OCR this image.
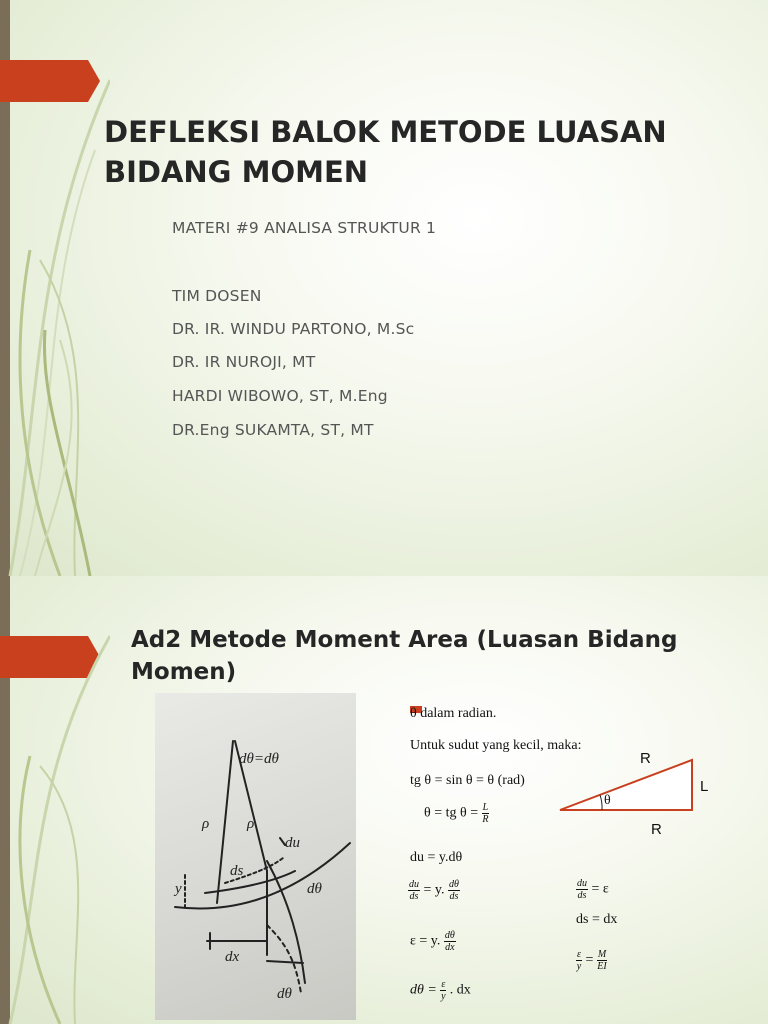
DEFLEKSI BALOK METODE LUASAN BIDANG MOMEN

MATERI #9 ANALISA STRUKTUR 1

TIM DOSEN

DR. IR. WINDU PARTONO, M.Sc

DR. IR NUROJI, MT

HARDI WIBOWO, ST, M.Eng

DR.Eng SUKAMTA, ST, MT

Ad2 Metode Moment Area (Luasan Bidang Momen)
dθ=dθ
ρ	ρ
ds
du
dθ
y
dx
dθ
θ dalam radian.
Untuk sudut yang kecil, maka:
tg θ = sin θ = θ (rad)
θ = tg $\theta = \frac{L}{R}$
du = y.dθ
$\frac{du}{ds} = y$. $\frac{d\theta}{ds}$
ε = y. $\frac{d\theta}{dx}$
$d\theta = \frac{\varepsilon}{y}$ . dx
$\frac{du}{ds} = \varepsilon$
ds = dx
$\frac{\varepsilon}{y} = \frac{M}{EI}$
R
L
R
θ
